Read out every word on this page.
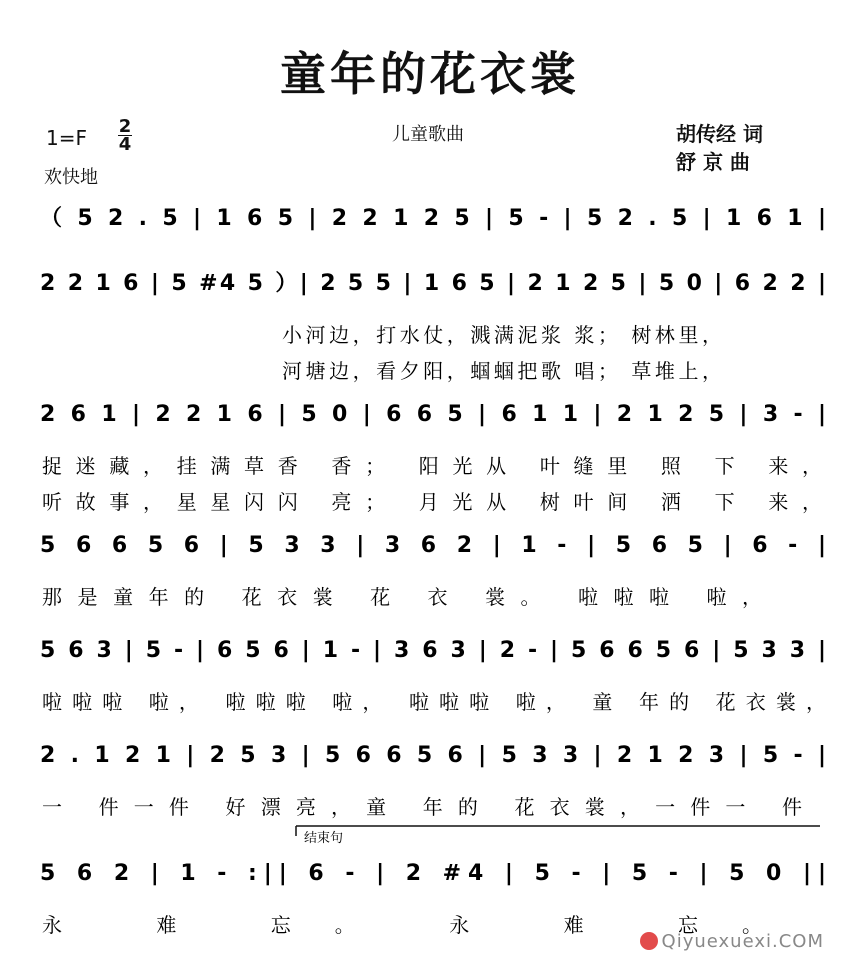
童年的花衣裳
1=F 2
4
欢快地
儿童歌曲	胡传经 词
舒 京 曲
（ 5 2 . 5 | 1 6 5 | 2 2 1 2 5 | 5 - | 5 2 . 5 | 1 6 1 |
2 2 1 6 | 5 #4 5 ）| 2 5 5 | 1 6 5 | 2 1 2 5 | 5 0 | 6 2 2 |
小河边，打水仗，溅满泥浆 浆； 树林里，
河塘边，看夕阳，蝈蝈把歌 唱； 草堆上，
2 6 1 | 2 2 1 6 | 5 0 | 6 6 5 | 6 1 1 | 2 1 2 5 | 3 - |
捉迷藏，挂满草香 香； 阳光从 叶缝里 照 下 来，
听故事，星星闪闪 亮； 月光从 树叶间 洒 下 来，
5 6 6 5 6 | 5 3 3 | 3 6 2 | 1 - | 5 6 5 | 6 - |
那是童年的 花衣裳 花 衣 裳。 啦啦啦 啦，
5 6 3 | 5 - | 6 5 6 | 1 - | 3 6 3 | 2 - | 5 6 6 5 6 | 5 3 3 |
啦啦啦 啦， 啦啦啦 啦， 啦啦啦 啦， 童 年的 花衣裳，
2 . 1 2 1 | 2 5 3 | 5 6 6 5 6 | 5 3 3 | 2 1 2 3 | 5 - |
一 件一件 好漂亮，童 年的 花衣裳，一件一 件
5 6 2 | 1 - :|| 6 - | 2 #4 | 5 - | 5 - | 5 0 ||
永 难 忘。 永 难 忘。
结束句
Qiyuexuexi.COM
